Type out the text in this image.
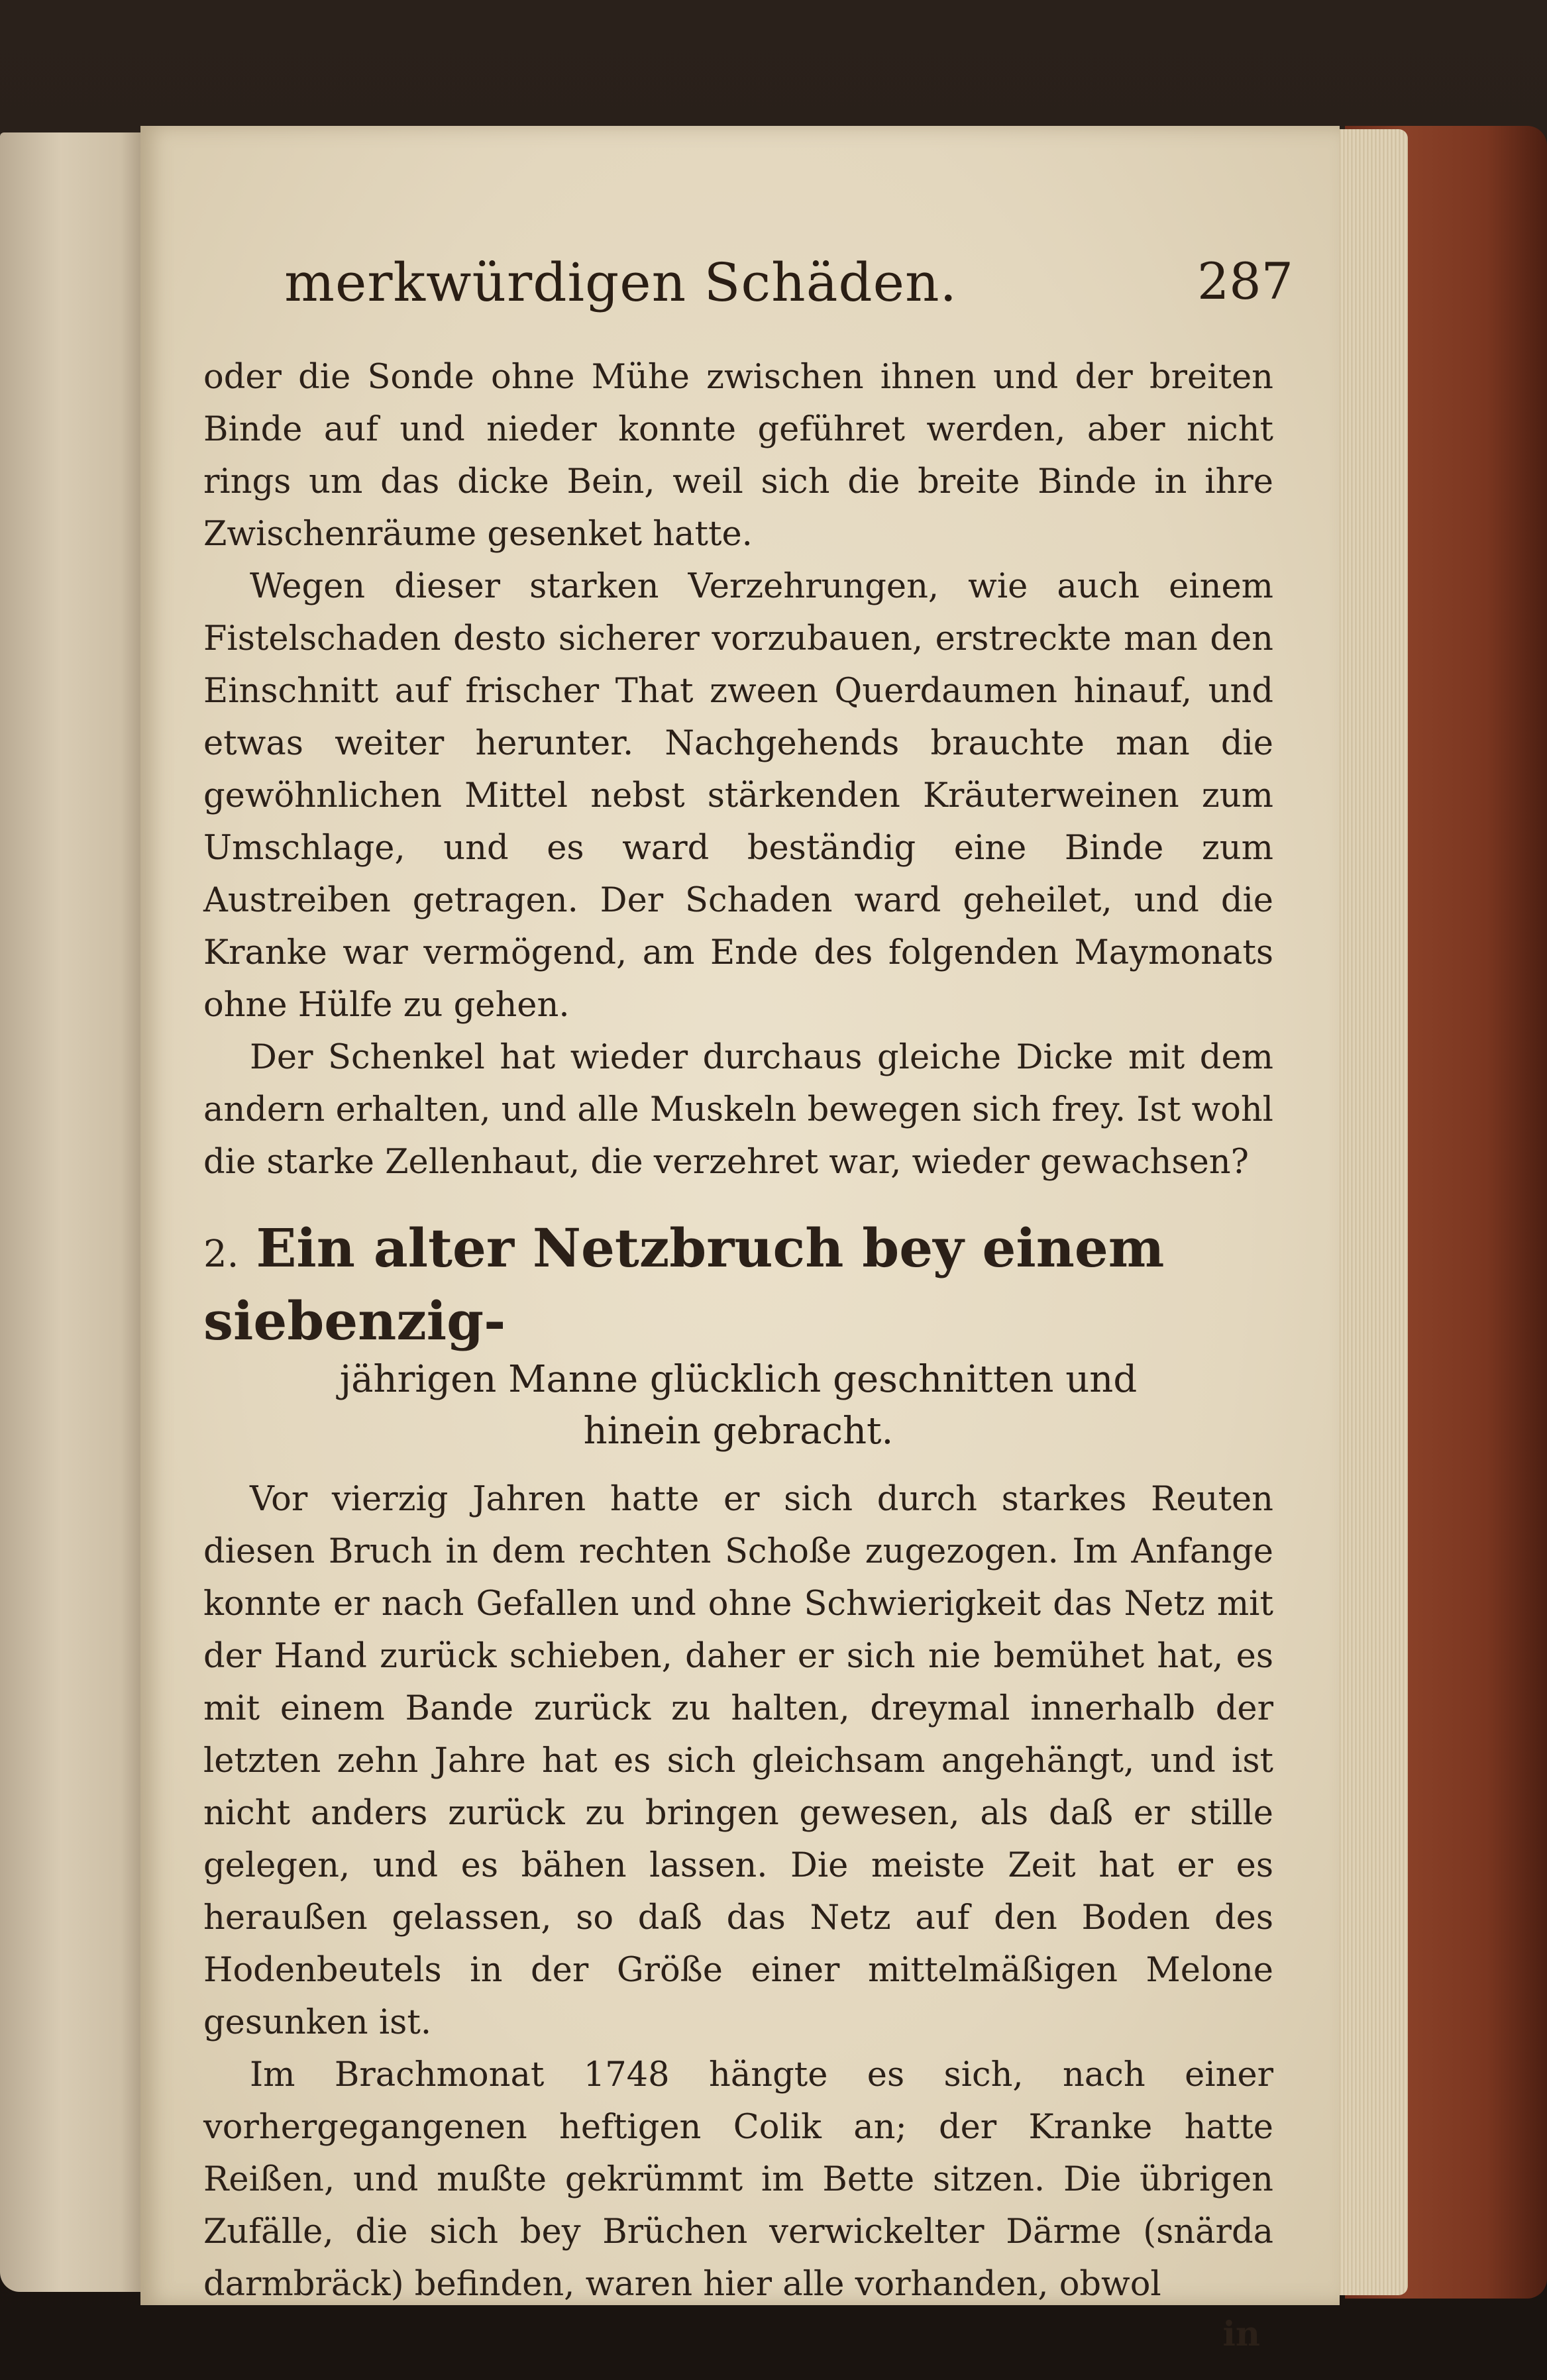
merkwürdigen Schäden.	287

oder die Sonde ohne Mühe zwischen ihnen und der breiten Binde auf und nieder konnte geführet werden, aber nicht rings um das dicke Bein, weil sich die breite Binde in ihre Zwischenräume gesenket hatte.

Wegen dieser starken Verzehrungen, wie auch einem Fistelschaden desto sicherer vorzubauen, erstreckte man den Einschnitt auf frischer That zween Querdaumen hinauf, und etwas weiter herunter. Nachgehends brauchte man die gewöhnlichen Mittel nebst stärkenden Kräuterweinen zum Umschlage, und es ward beständig eine Binde zum Austreiben getragen. Der Schaden ward geheilet, und die Kranke war vermögend, am Ende des folgenden Maymonats ohne Hülfe zu gehen.

Der Schenkel hat wieder durchaus gleiche Dicke mit dem andern erhalten, und alle Muskeln bewegen sich frey. Ist wohl die starke Zellenhaut, die verzehret war, wieder gewachsen?

2. Ein alter Netzbruch bey einem siebenzig-
jährigen Manne glücklich geschnitten und
hinein gebracht.

Vor vierzig Jahren hatte er sich durch starkes Reuten diesen Bruch in dem rechten Schoße zugezogen. Im Anfange konnte er nach Gefallen und ohne Schwierigkeit das Netz mit der Hand zurück schieben, daher er sich nie bemühet hat, es mit einem Bande zurück zu halten, dreymal innerhalb der letzten zehn Jahre hat es sich gleichsam angehängt, und ist nicht anders zurück zu bringen gewesen, als daß er stille gelegen, und es bähen lassen. Die meiste Zeit hat er es heraußen gelassen, so daß das Netz auf den Boden des Hodenbeutels in der Größe einer mittelmäßigen Melone gesunken ist.

Im Brachmonat 1748 hängte es sich, nach einer vorhergegangenen heftigen Colik an; der Kranke hatte Reißen, und mußte gekrümmt im Bette sitzen. Die übrigen Zufälle, die sich bey Brüchen verwickelter Därme (snärda darmbräck) befinden, waren hier alle vorhanden, obwol

in
